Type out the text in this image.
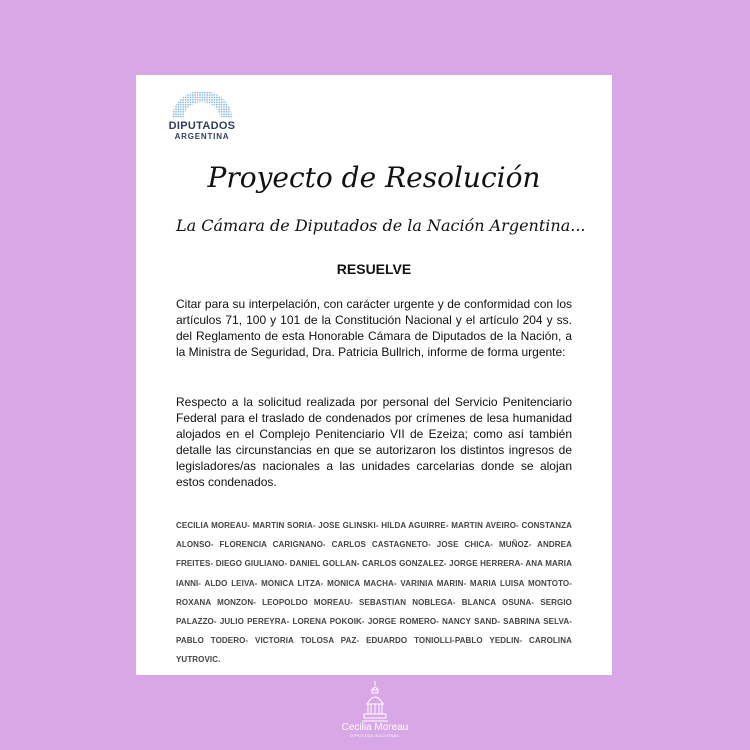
DIPUTADOS
ARGENTINA
Proyecto de Resolución
La Cámara de Diputados de la Nación Argentina...
RESUELVE

Citar para su interpelación, con carácter urgente y de conformidad con los artículos 71, 100 y 101 de la Constitución Nacional y el artículo 204 y ss. del Reglamento de esta Honorable Cámara de Diputados de la Nación, a la Ministra de Seguridad, Dra. Patricia Bullrich, informe de forma urgente:

Respecto a la solicitud realizada por personal del Servicio Penitenciario Federal para el traslado de condenados por crímenes de lesa humanidad alojados en el Complejo Penitenciario VII de Ezeiza; como así también detalle las circunstancias en que se autorizaron los distintos ingresos de legisladores/as nacionales a las unidades carcelarias donde se alojan estos condenados.

CECILIA MOREAU- MARTIN SORIA- JOSE GLINSKI- HILDA AGUIRRE- MARTIN AVEIRO- CONSTANZA ALONSO- FLORENCIA CARIGNANO- CARLOS CASTAGNETO- JOSE CHICA- MUÑOZ- ANDREA FREITES- DIEGO GIULIANO- DANIEL GOLLAN- CARLOS GONZALEZ- JORGE HERRERA- ANA MARIA IANNI- ALDO LEIVA- MONICA LITZA- MONICA MACHA- VARINIA MARIN- MARIA LUISA MONTOTO- ROXANA MONZON- LEOPOLDO MOREAU- SEBASTIAN NOBLEGA- BLANCA OSUNA- SERGIO PALAZZO- JULIO PEREYRA- LORENA POKOIK- JORGE ROMERO- NANCY SAND- SABRINA SELVA- PABLO TODERO- VICTORIA TOLOSA PAZ- EDUARDO TONIOLLI-PABLO YEDLIN- CAROLINA YUTROVIC.

Cecilia Moreau
DIPUTADA NACIONAL
